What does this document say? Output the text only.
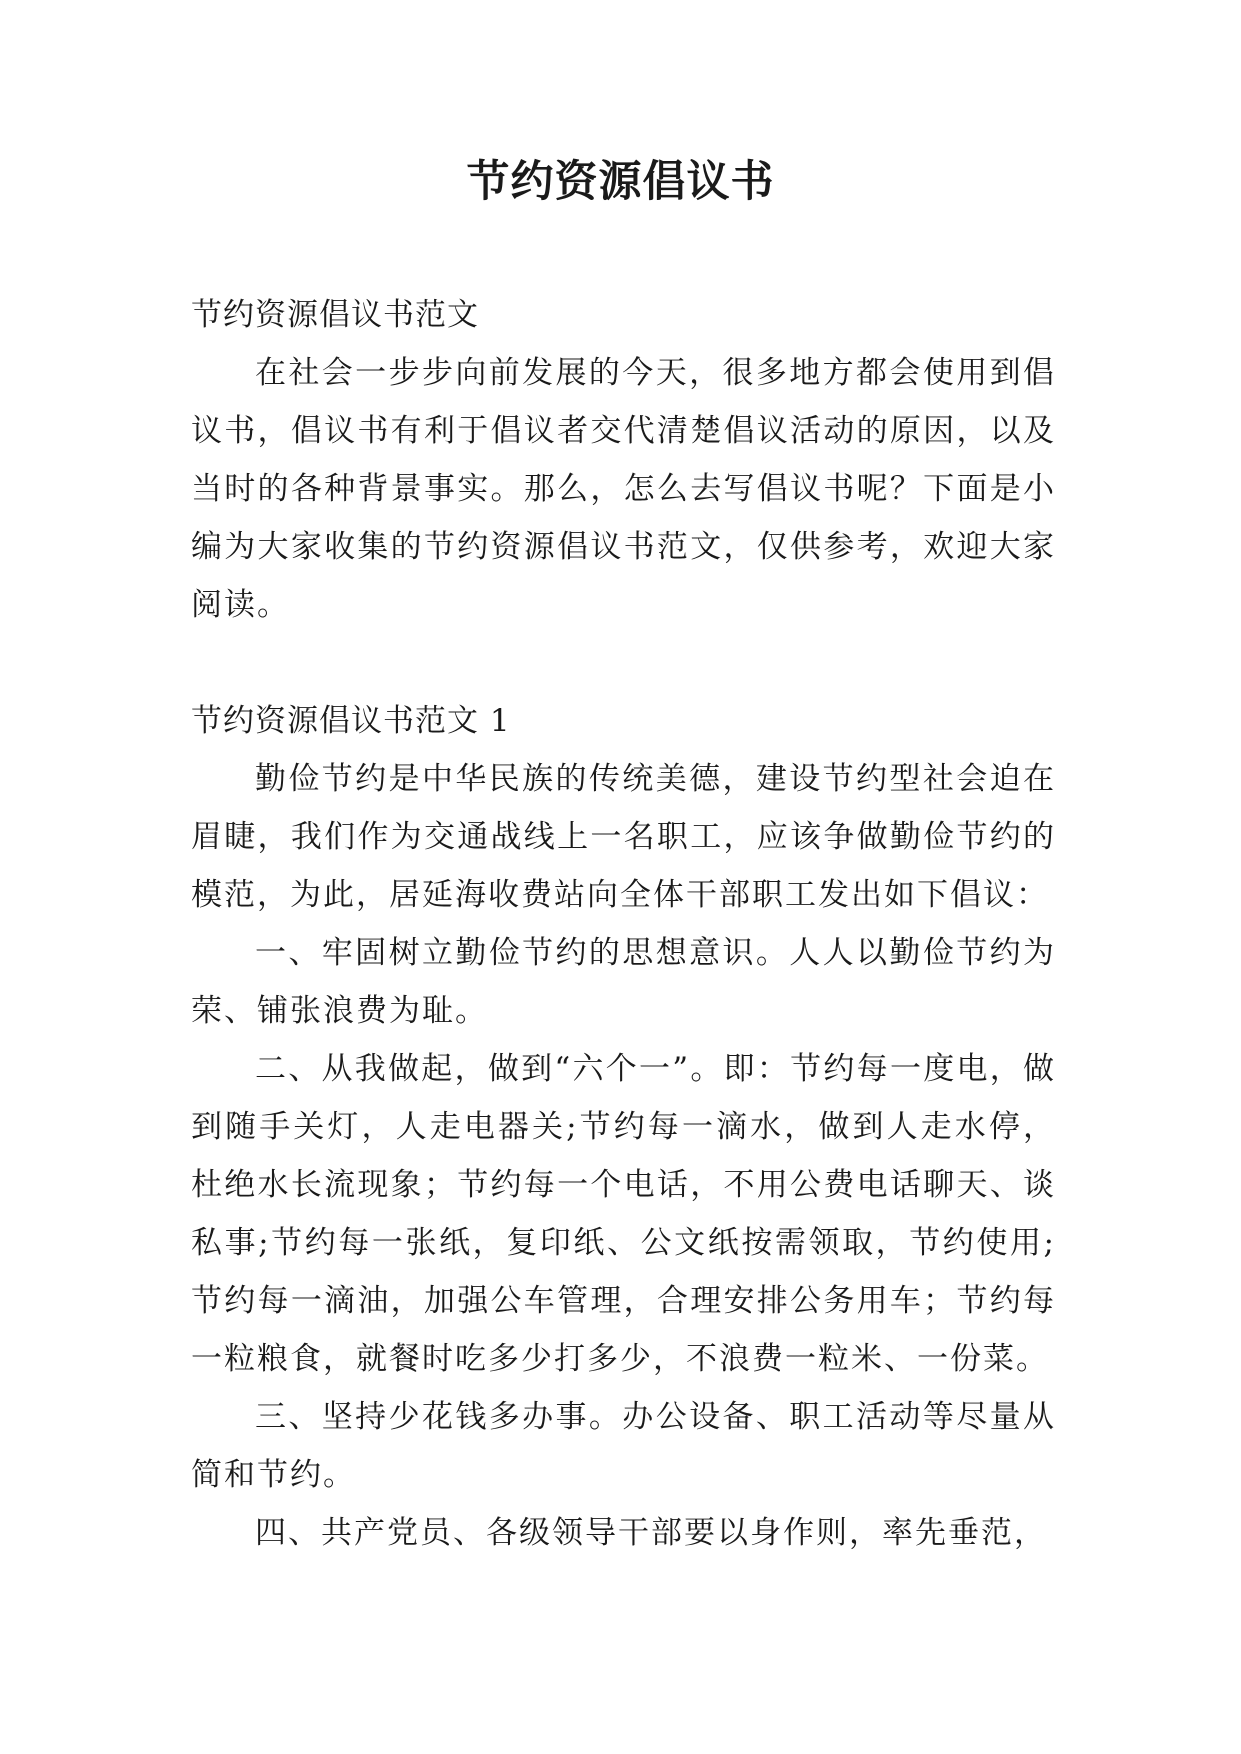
节约资源倡议书

节约资源倡议书范文

在社会一步步向前发展的今天，很多地方都会使用到倡议书，倡议书有利于倡议者交代清楚倡议活动的原因，以及当时的各种背景事实。那么，怎么去写倡议书呢？下面是小编为大家收集的节约资源倡议书范文，仅供参考，欢迎大家阅读。

节约资源倡议书范文 1

勤俭节约是中华民族的传统美德，建设节约型社会迫在眉睫，我们作为交通战线上一名职工，应该争做勤俭节约的模范，为此，居延海收费站向全体干部职工发出如下倡议：

一、牢固树立勤俭节约的思想意识。人人以勤俭节约为荣、铺张浪费为耻。

二、从我做起，做到“六个一”。即：节约每一度电，做到随手关灯，人走电器关;节约每一滴水，做到人走水停，杜绝水长流现象；节约每一个电话，不用公费电话聊天、谈私事;节约每一张纸，复印纸、公文纸按需领取，节约使用;节约每一滴油，加强公车管理，合理安排公务用车；节约每一粒粮食，就餐时吃多少打多少，不浪费一粒米、一份菜。

三、坚持少花钱多办事。办公设备、职工活动等尽量从简和节约。

四、共产党员、各级领导干部要以身作则，率先垂范，
